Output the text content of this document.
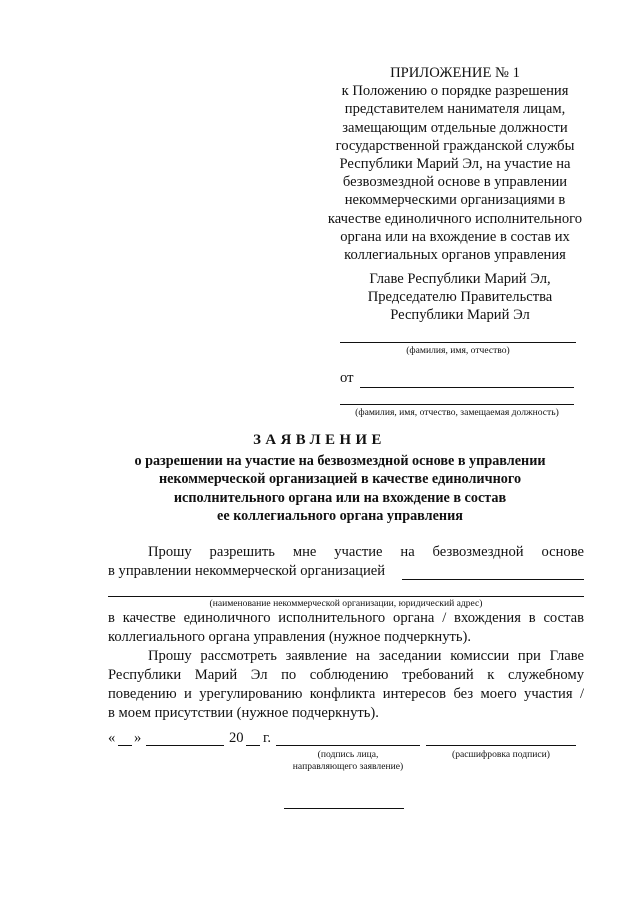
ПРИЛОЖЕНИЕ № 1
к Положению о порядке разрешения
представителем нанимателя лицам,
замещающим отдельные должности
государственной гражданской службы
Республики Марий Эл, на участие на
безвозмездной основе в управлении
некоммерческими организациями в
качестве единоличного исполнительного
органа или на вхождение в состав их
коллегиальных органов управления
Главе Республики Марий Эл,
Председателю Правительства
Республики Марий Эл
(фамилия, имя, отчество)
от
(фамилия, имя, отчество, замещаемая должность)
ЗАЯВЛЕНИЕ
о разрешении на участие на безвозмездной основе в управлении
некоммерческой организацией в качестве единоличного
исполнительного органа или на вхождение в состав
ее коллегиального органа управления
Прошу разрешить мне участие на безвозмездной основе
в управлении некоммерческой организацией
(наименование некоммерческой организации, юридический адрес)
в качестве единоличного исполнительного органа / вхождения в состав
коллегиального органа управления (нужное подчеркнуть).
Прошу рассмотреть заявление на заседании комиссии при Главе
Республики Марий Эл по соблюдению требований к служебному
поведению и урегулированию конфликта интересов без моего участия /
в моем присутствии (нужное подчеркнуть).
« »	20 г.
(подпись лица,
направляющего заявление)
(расшифровка подписи)
